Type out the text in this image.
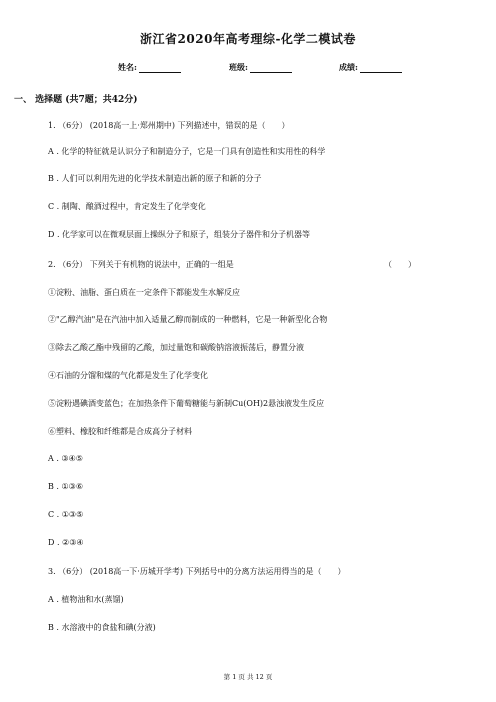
浙江省2020年高考理综-化学二模试卷
姓名:	班级:	成绩:
一、 选择题 (共7题；共42分)
1. （6分） (2018高一上·郑州期中) 下列描述中，错误的是（　　）
A . 化学的特征就是认识分子和制造分子，它是一门具有创造性和实用性的科学
B . 人们可以利用先进的化学技术制造出新的原子和新的分子
C . 制陶、酿酒过程中，肯定发生了化学变化
D . 化学家可以在微观层面上操纵分子和原子，组装分子器件和分子机器等
2. （6分） 下列关于有机物的说法中，正确的一组是	（　　）
①淀粉、油脂、蛋白质在一定条件下都能发生水解反应
②"乙醇汽油"是在汽油中加入适量乙醇而制成的一种燃料，它是一种新型化合物
③除去乙酸乙酯中残留的乙酸，加过量饱和碳酸钠溶液振荡后，静置分液
④石油的分馏和煤的气化都是发生了化学变化
⑤淀粉遇碘酒变蓝色；在加热条件下葡萄糖能与新制Cu(OH)2悬浊液发生反应
⑥塑料、橡胶和纤维都是合成高分子材料
A . ③④⑤
B . ①③⑥
C . ①③⑤
D . ②③④
3. （6分） (2018高一下·历城开学考) 下列括号中的分离方法运用得当的是（　　）
A . 植物油和水(蒸馏)
B . 水溶液中的食盐和碘(分液)
第 1 页 共 12 页
